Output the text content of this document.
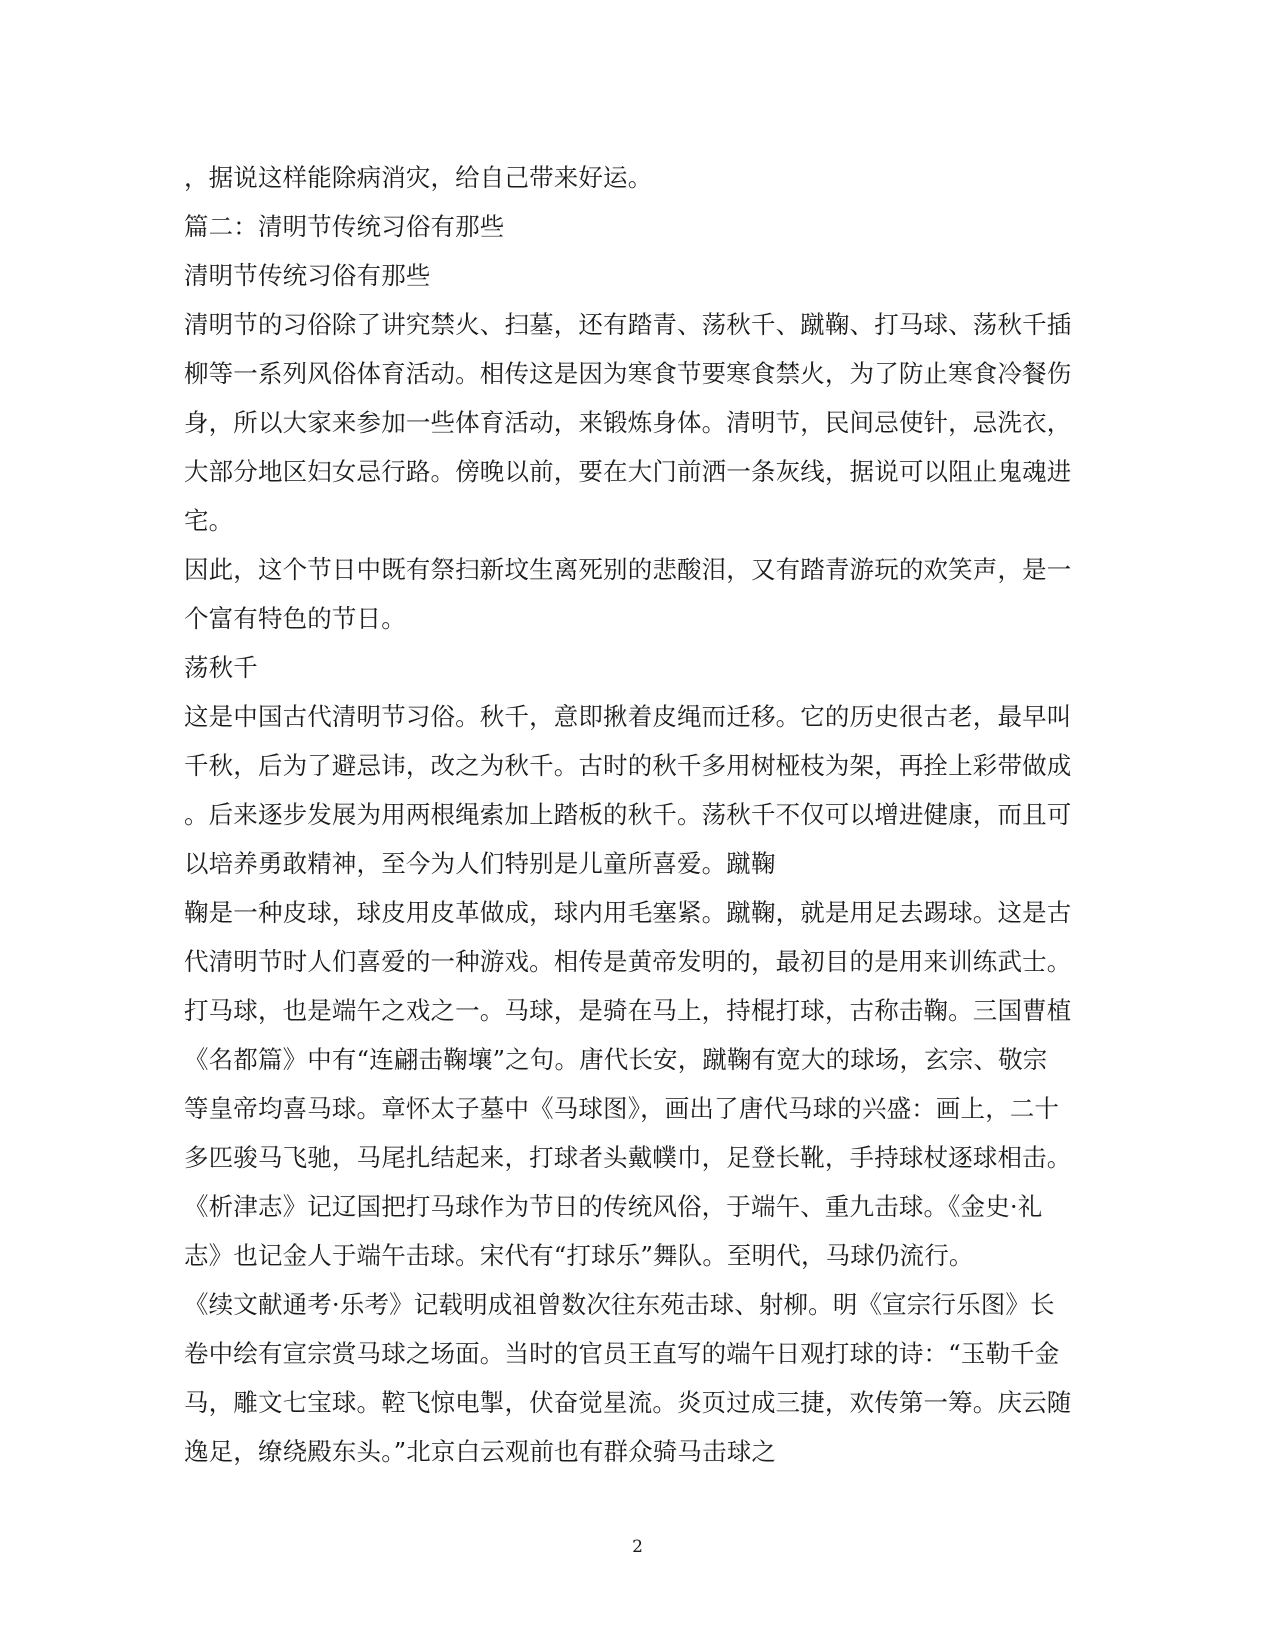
，据说这样能除病消灾，给自己带来好运。
篇二：清明节传统习俗有那些
清明节传统习俗有那些
清明节的习俗除了讲究禁火、扫墓，还有踏青、荡秋千、蹴鞠、打马球、荡秋千插
柳等一系列风俗体育活动。相传这是因为寒食节要寒食禁火，为了防止寒食冷餐伤
身，所以大家来参加一些体育活动，来锻炼身体。清明节，民间忌使针，忌洗衣，
大部分地区妇女忌行路。傍晚以前，要在大门前洒一条灰线，据说可以阻止鬼魂进
宅。
因此，这个节日中既有祭扫新坟生离死别的悲酸泪，又有踏青游玩的欢笑声，是一
个富有特色的节日。
荡秋千
这是中国古代清明节习俗。秋千，意即揪着皮绳而迁移。它的历史很古老，最早叫
千秋，后为了避忌讳，改之为秋千。古时的秋千多用树桠枝为架，再拴上彩带做成
。后来逐步发展为用两根绳索加上踏板的秋千。荡秋千不仅可以增进健康，而且可
以培养勇敢精神，至今为人们特别是儿童所喜爱。蹴鞠
鞠是一种皮球，球皮用皮革做成，球内用毛塞紧。蹴鞠，就是用足去踢球。这是古
代清明节时人们喜爱的一种游戏。相传是黄帝发明的，最初目的是用来训练武士。
打马球，也是端午之戏之一。马球，是骑在马上，持棍打球，古称击鞠。三国曹植
《名都篇》中有“连翩击鞠壤”之句。唐代长安，蹴鞠有宽大的球场，玄宗、敬宗
等皇帝均喜马球。章怀太子墓中《马球图》，画出了唐代马球的兴盛：画上，二十
多匹骏马飞驰，马尾扎结起来，打球者头戴幞巾，足登长靴，手持球杖逐球相击。
《析津志》记辽国把打马球作为节日的传统风俗，于端午、重九击球。《金史·礼
志》也记金人于端午击球。宋代有“打球乐”舞队。至明代，马球仍流行。
《续文献通考·乐考》记载明成祖曾数次往东苑击球、射柳。明《宣宗行乐图》长
卷中绘有宣宗赏马球之场面。当时的官员王直写的端午日观打球的诗：“玉勒千金
马，雕文七宝球。鞚飞惊电掣，伏奋觉星流。炎页过成三捷，欢传第一筹。庆云随
逸足，缭绕殿东头。”北京白云观前也有群众骑马击球之
2
